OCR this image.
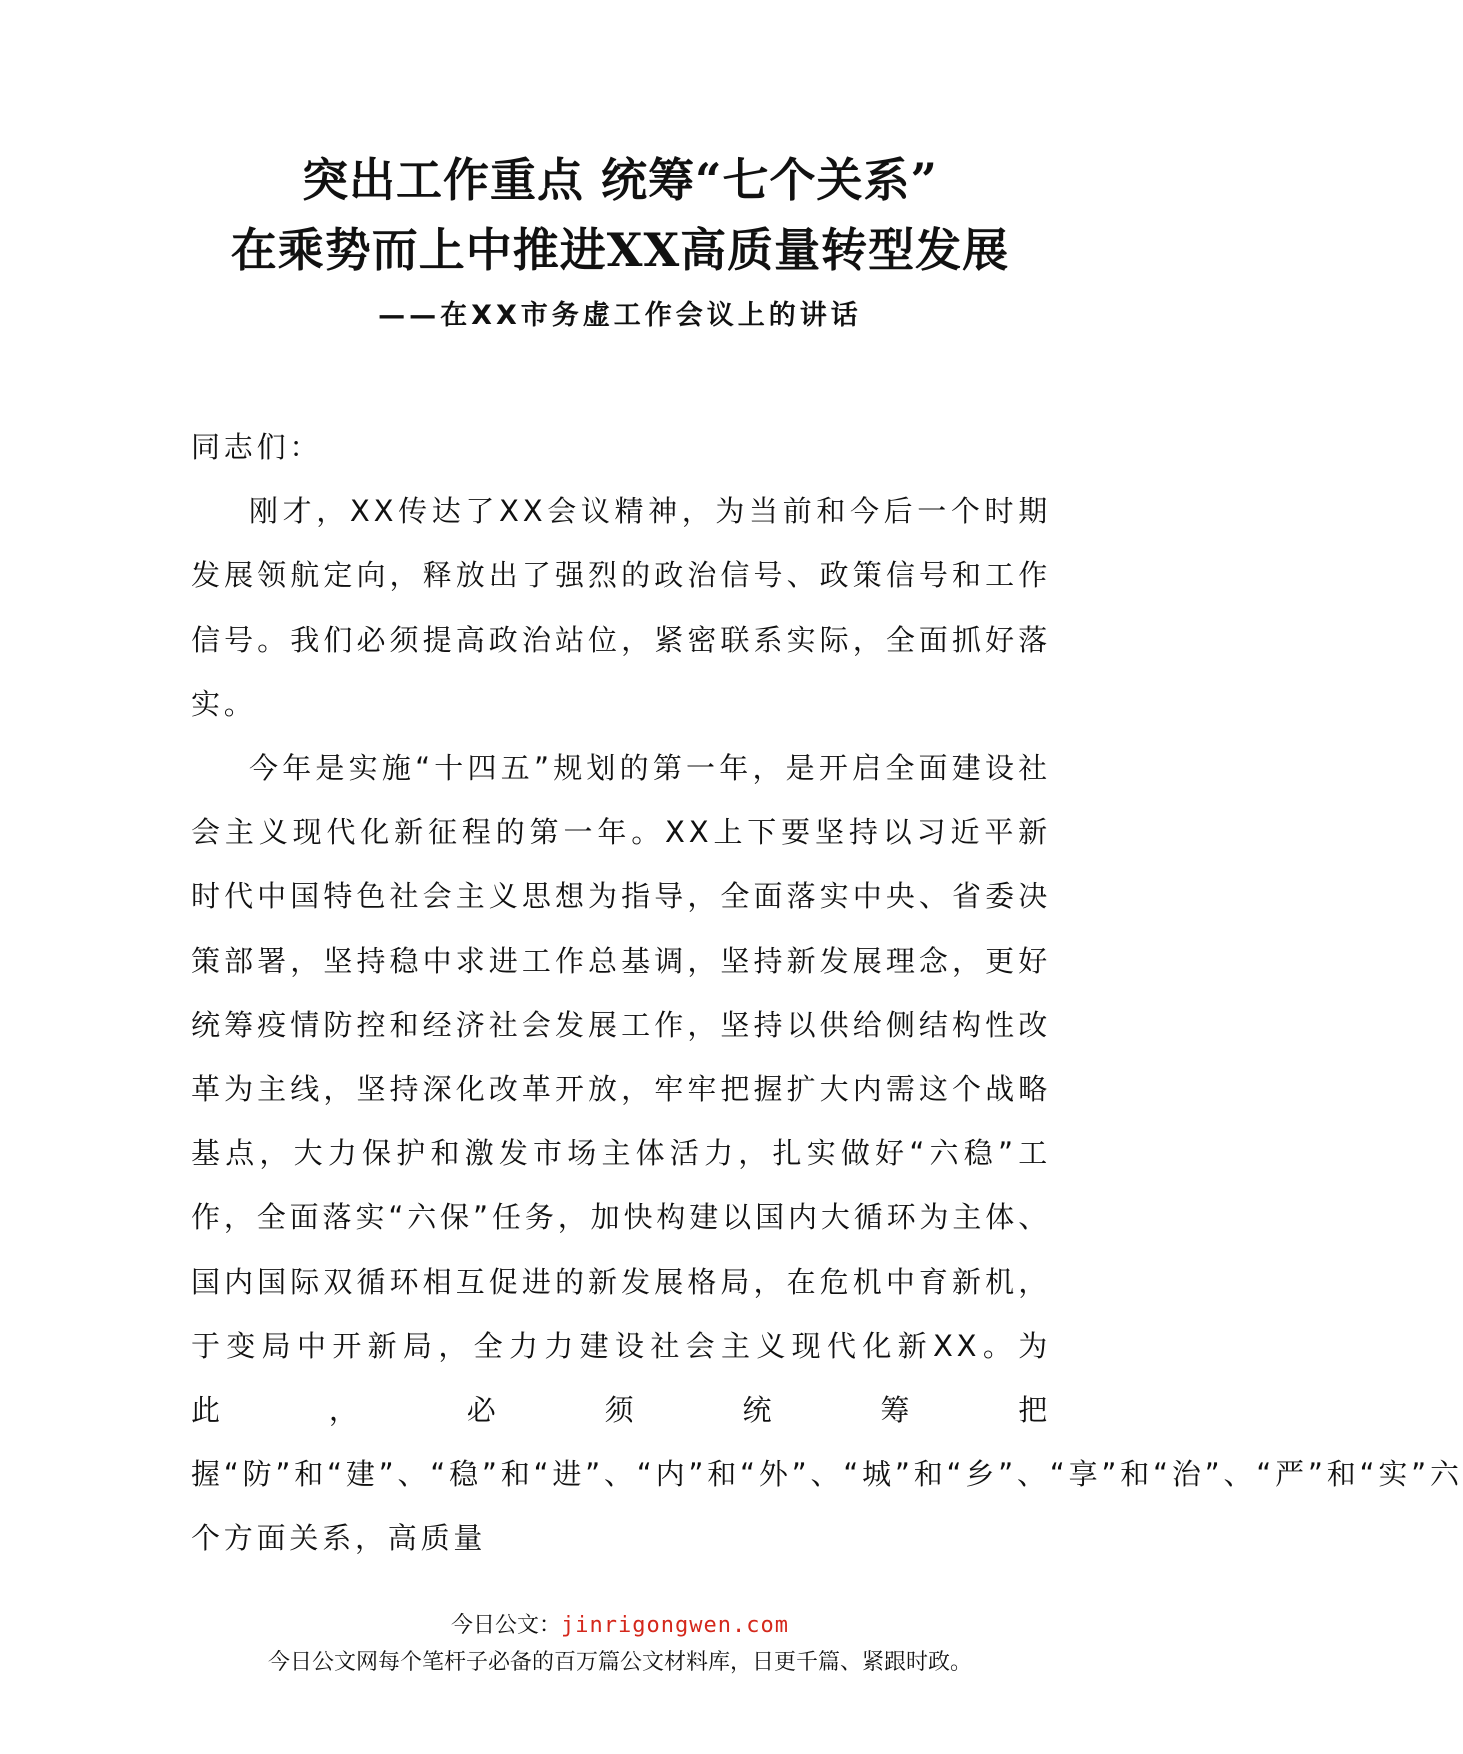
突出工作重点 统筹“七个关系”
在乘势而上中推进XX高质量转型发展
——在XX市务虚工作会议上的讲话

同志们：

刚才，XX传达了XX会议精神，为当前和今后一个时期发展领航定向，释放出了强烈的政治信号、政策信号和工作信号。我们必须提高政治站位，紧密联系实际，全面抓好落实。

今年是实施“十四五”规划的第一年，是开启全面建设社会主义现代化新征程的第一年。XX上下要坚持以习近平新时代中国特色社会主义思想为指导，全面落实中央、省委决策部署，坚持稳中求进工作总基调，坚持新发展理念，更好统筹疫情防控和经济社会发展工作，坚持以供给侧结构性改革为主线，坚持深化改革开放，牢牢把握扩大内需这个战略基点，大力保护和激发市场主体活力，扎实做好“六稳”工作，全面落实“六保”任务，加快构建以国内大循环为主体、国内国际双循环相互促进的新发展格局，在危机中育新机，于变局中开新局，全力力建设社会主义现代化新XX。为此，必须统筹把握“防”和“建”、“稳”和“进”、“内”和“外”、“城”和“乡”、“享”和“治”、“严”和“实”六个方面关系，高质量

今日公文：jinrigongwen.com
今日公文网每个笔杆子必备的百万篇公文材料库，日更千篇、紧跟时政。
